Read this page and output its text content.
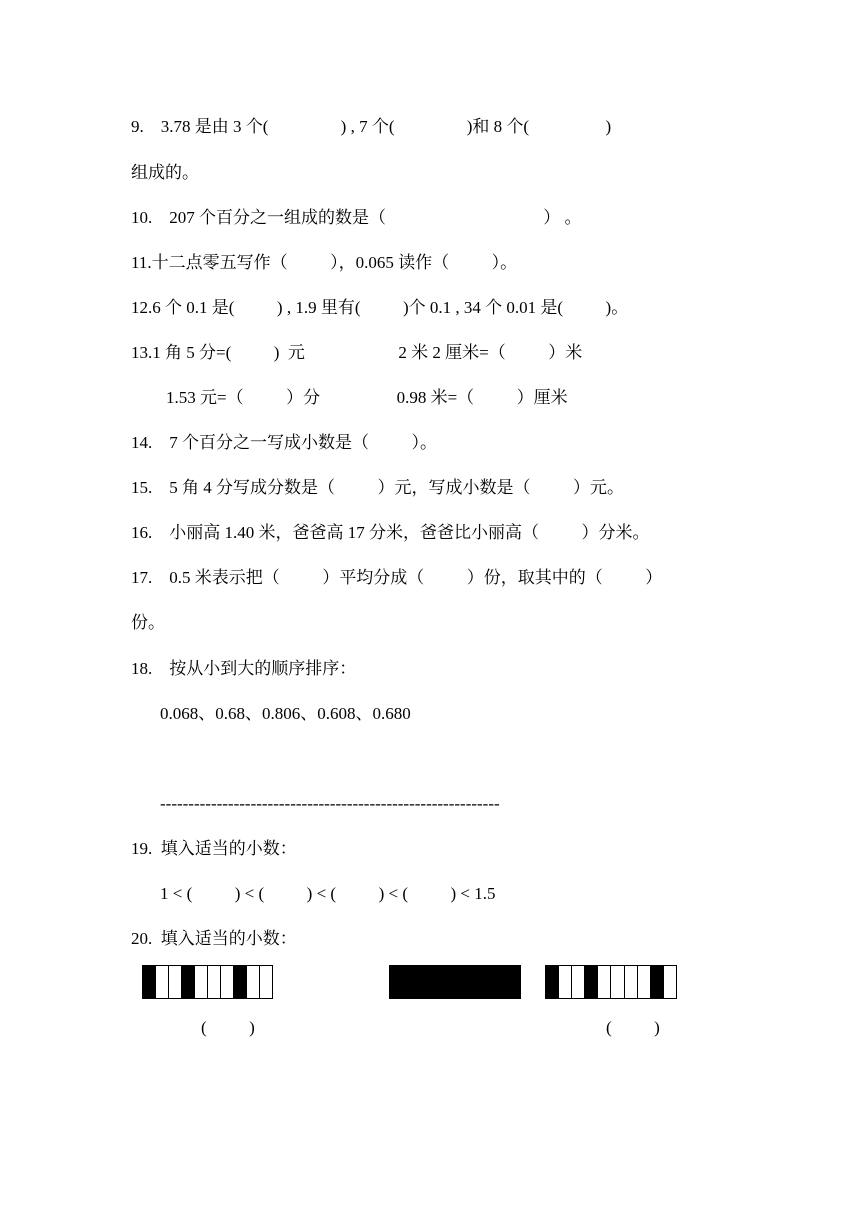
9.    3.78 是由 3 个(                 ) , 7 个(                 )和 8 个(                  )
组成的。
10.    207 个百分之一组成的数是（                                     ） 。
11.十二点零五写作（          ），0.065 读作（          ）。
12.6 个 0.1 是(          ) , 1.9 里有(          )个 0.1 , 34 个 0.01 是(          )。
13.1 角 5 分=(          )  元                      2 米 2 厘米=（          ）米
1.53 元=（          ）分                  0.98 米=（          ）厘米
14.    7 个百分之一写成小数是（          ）。
15.    5 角 4 分写成分数是（          ）元，写成小数是（          ）元。
16.    小丽高 1.40 米，爸爸高 17 分米，爸爸比小丽高（          ）分米。
17.    0.5 米表示把（          ）平均分成（          ）份，取其中的（          ）
份。
18.    按从小到大的顺序排序：
0.068、0.68、0.806、0.608、0.680
------------------------------------------------------------
19.  填入适当的小数：
1 < (          ) < (          ) < (          ) < (          ) < 1.5
20.  填入适当的小数：
(          )	(          )
